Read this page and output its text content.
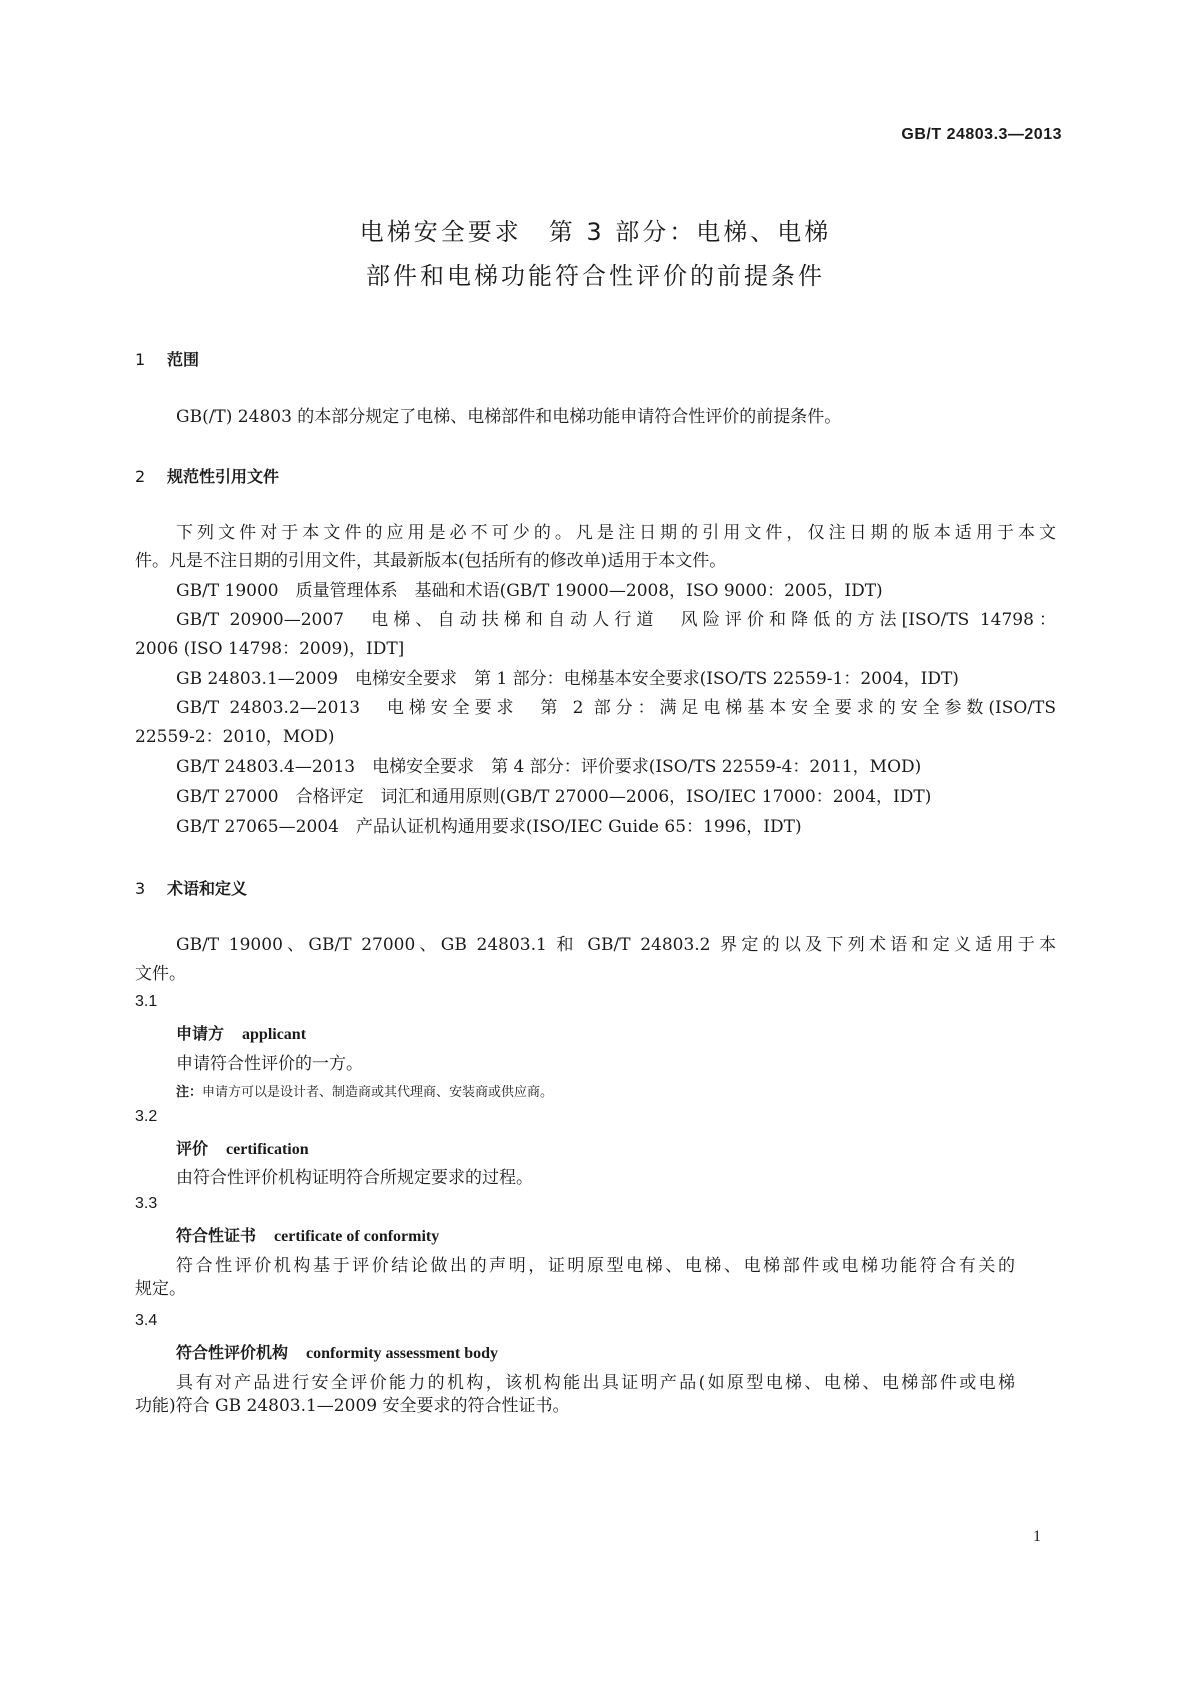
GB/T 24803.3—2013
电梯安全要求　第 3 部分：电梯、电梯
部件和电梯功能符合性评价的前提条件
1 范围
GB(/T) 24803 的本部分规定了电梯、电梯部件和电梯功能申请符合性评价的前提条件。
2 规范性引用文件
下列文件对于本文件的应用是必不可少的。凡是注日期的引用文件，仅注日期的版本适用于本文
件。凡是不注日期的引用文件，其最新版本(包括所有的修改单)适用于本文件。
GB/T 19000　质量管理体系　基础和术语(GB/T 19000—2008，ISO 9000：2005，IDT)
GB/T 20900—2007　电梯、自动扶梯和自动人行道　风险评价和降低的方法[ISO/TS 14798：
2006 (ISO 14798：2009)，IDT]
GB 24803.1—2009　电梯安全要求　第 1 部分：电梯基本安全要求(ISO/TS 22559-1：2004，IDT)
GB/T 24803.2—2013　电梯安全要求　第 2 部分：满足电梯基本安全要求的安全参数(ISO/TS
22559-2：2010，MOD)
GB/T 24803.4—2013　电梯安全要求　第 4 部分：评价要求(ISO/TS 22559-4：2011，MOD)
GB/T 27000　合格评定　词汇和通用原则(GB/T 27000—2006，ISO/IEC 17000：2004，IDT)
GB/T 27065—2004　产品认证机构通用要求(ISO/IEC Guide 65：1996，IDT)
3 术语和定义
GB/T 19000、GB/T 27000、GB 24803.1 和 GB/T 24803.2 界定的以及下列术语和定义适用于本
文件。
3.1
申请方 applicant
申请符合性评价的一方。
注：申请方可以是设计者、制造商或其代理商、安装商或供应商。
3.2
评价 certification
由符合性评价机构证明符合所规定要求的过程。
3.3
符合性证书 certificate of conformity
符合性评价机构基于评价结论做出的声明，证明原型电梯、电梯、电梯部件或电梯功能符合有关的
规定。
3.4
符合性评价机构 conformity assessment body
具有对产品进行安全评价能力的机构，该机构能出具证明产品(如原型电梯、电梯、电梯部件或电梯
功能)符合 GB 24803.1—2009 安全要求的符合性证书。
1
